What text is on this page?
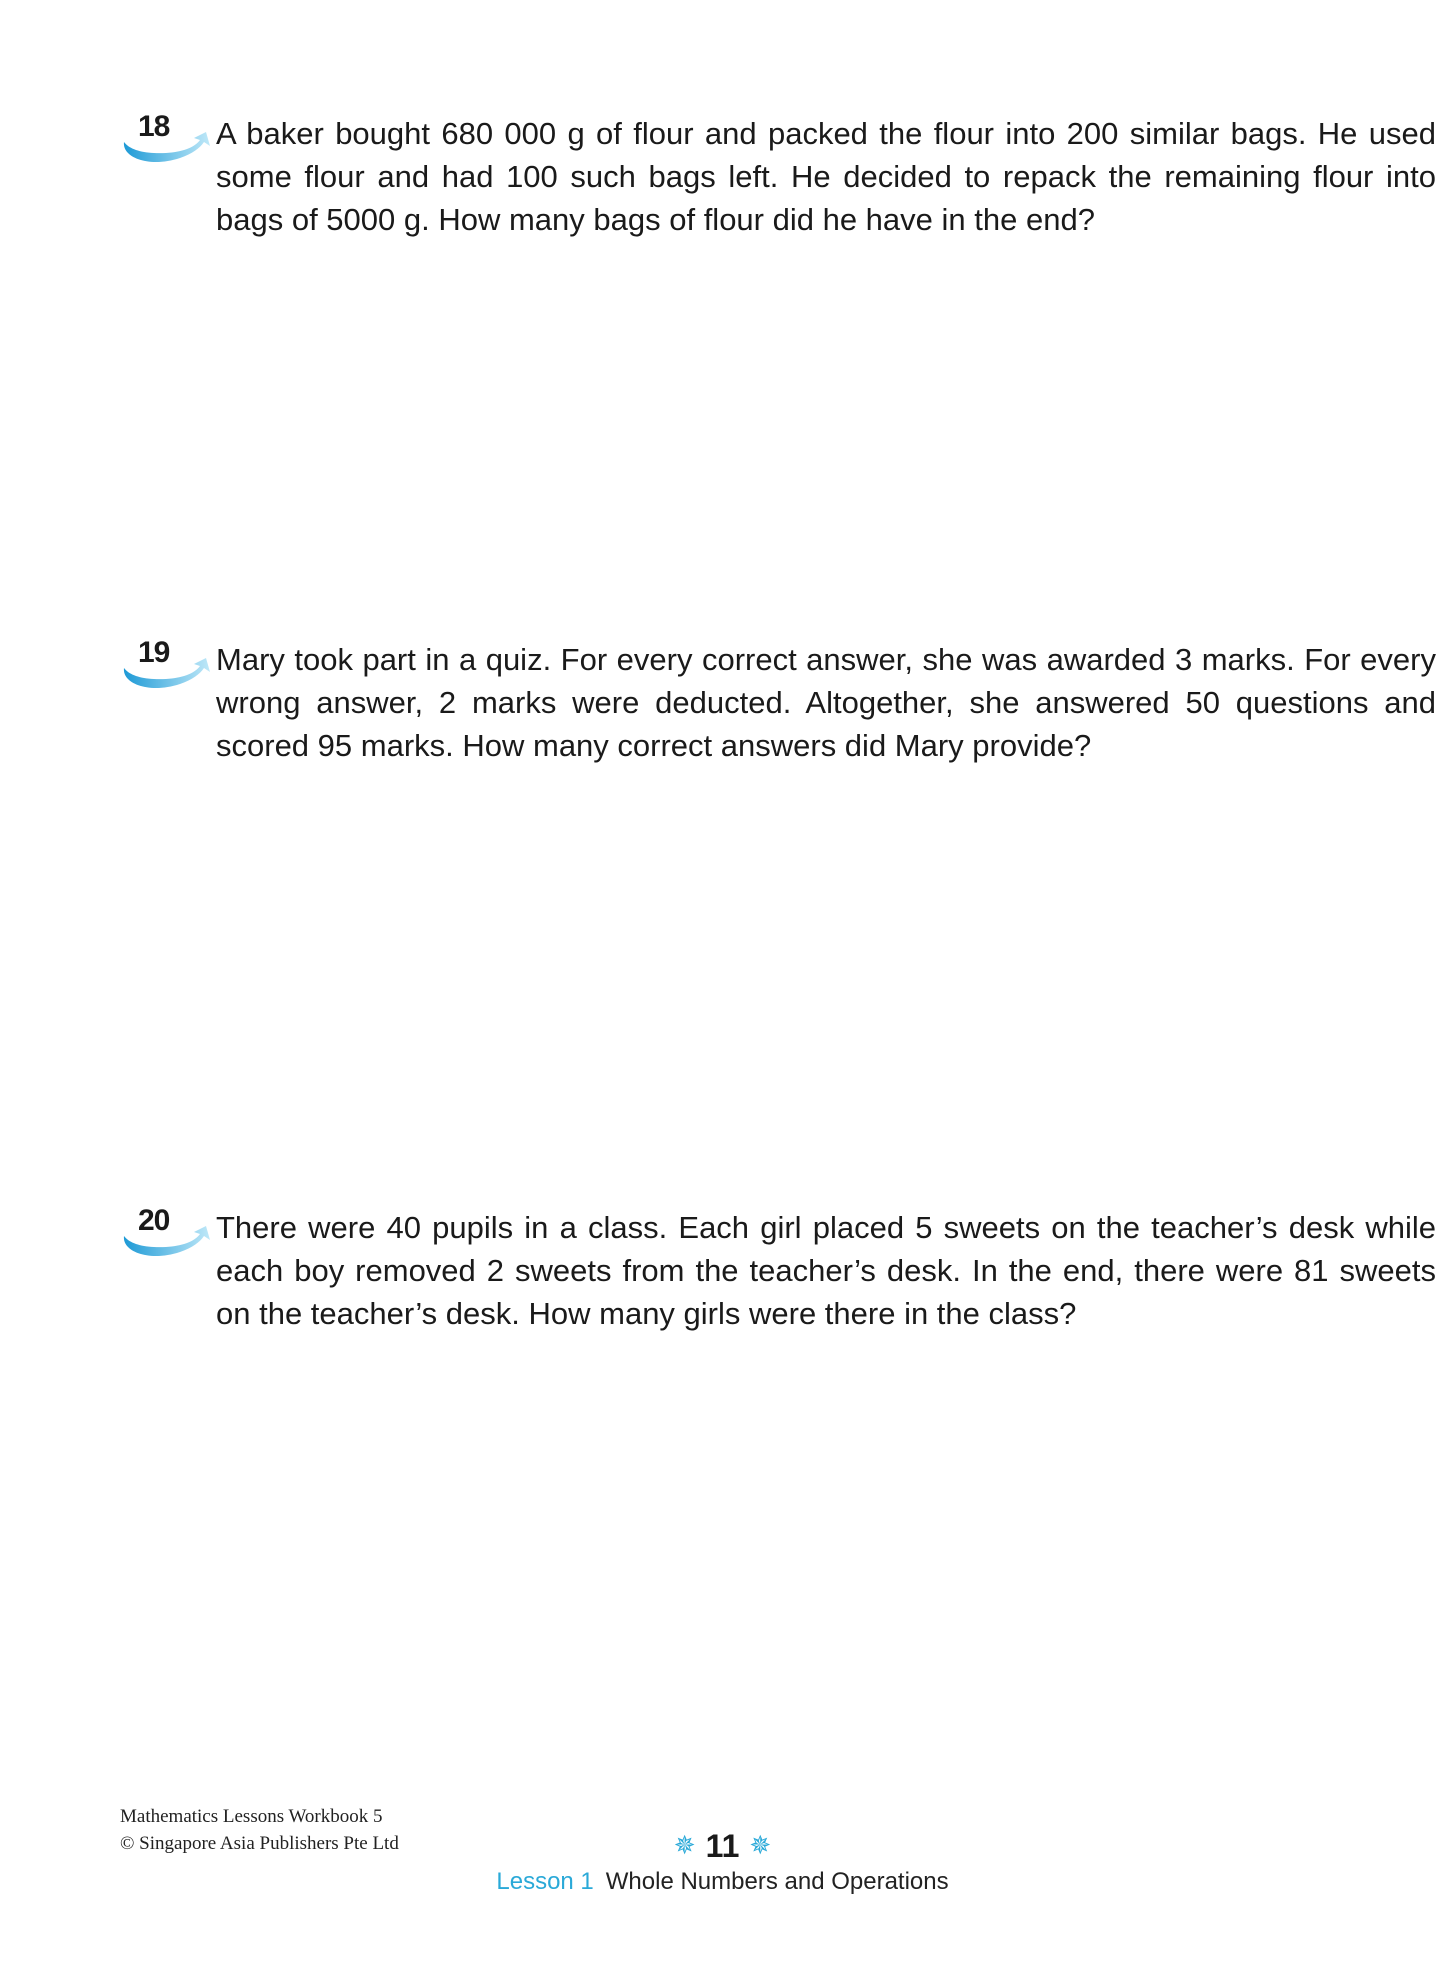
18 A baker bought 680 000 g of flour and packed the flour into 200 similar bags. He used some flour and had 100 such bags left. He decided to repack the remaining flour into bags of 5000 g. How many bags of flour did he have in the end?

19 Mary took part in a quiz. For every correct answer, she was awarded 3 marks. For every wrong answer, 2 marks were deducted. Altogether, she answered 50 questions and scored 95 marks. How many correct answers did Mary provide?

20 There were 40 pupils in a class. Each girl placed 5 sweets on the teacher’s desk while each boy removed 2 sweets from the teacher’s desk. In the end, there were 81 sweets on the teacher’s desk. How many girls were there in the class?

Mathematics Lessons Workbook 5
© Singapore Asia Publishers Pte Ltd	✵ 11 ✵
Lesson 1 Whole Numbers and Operations
